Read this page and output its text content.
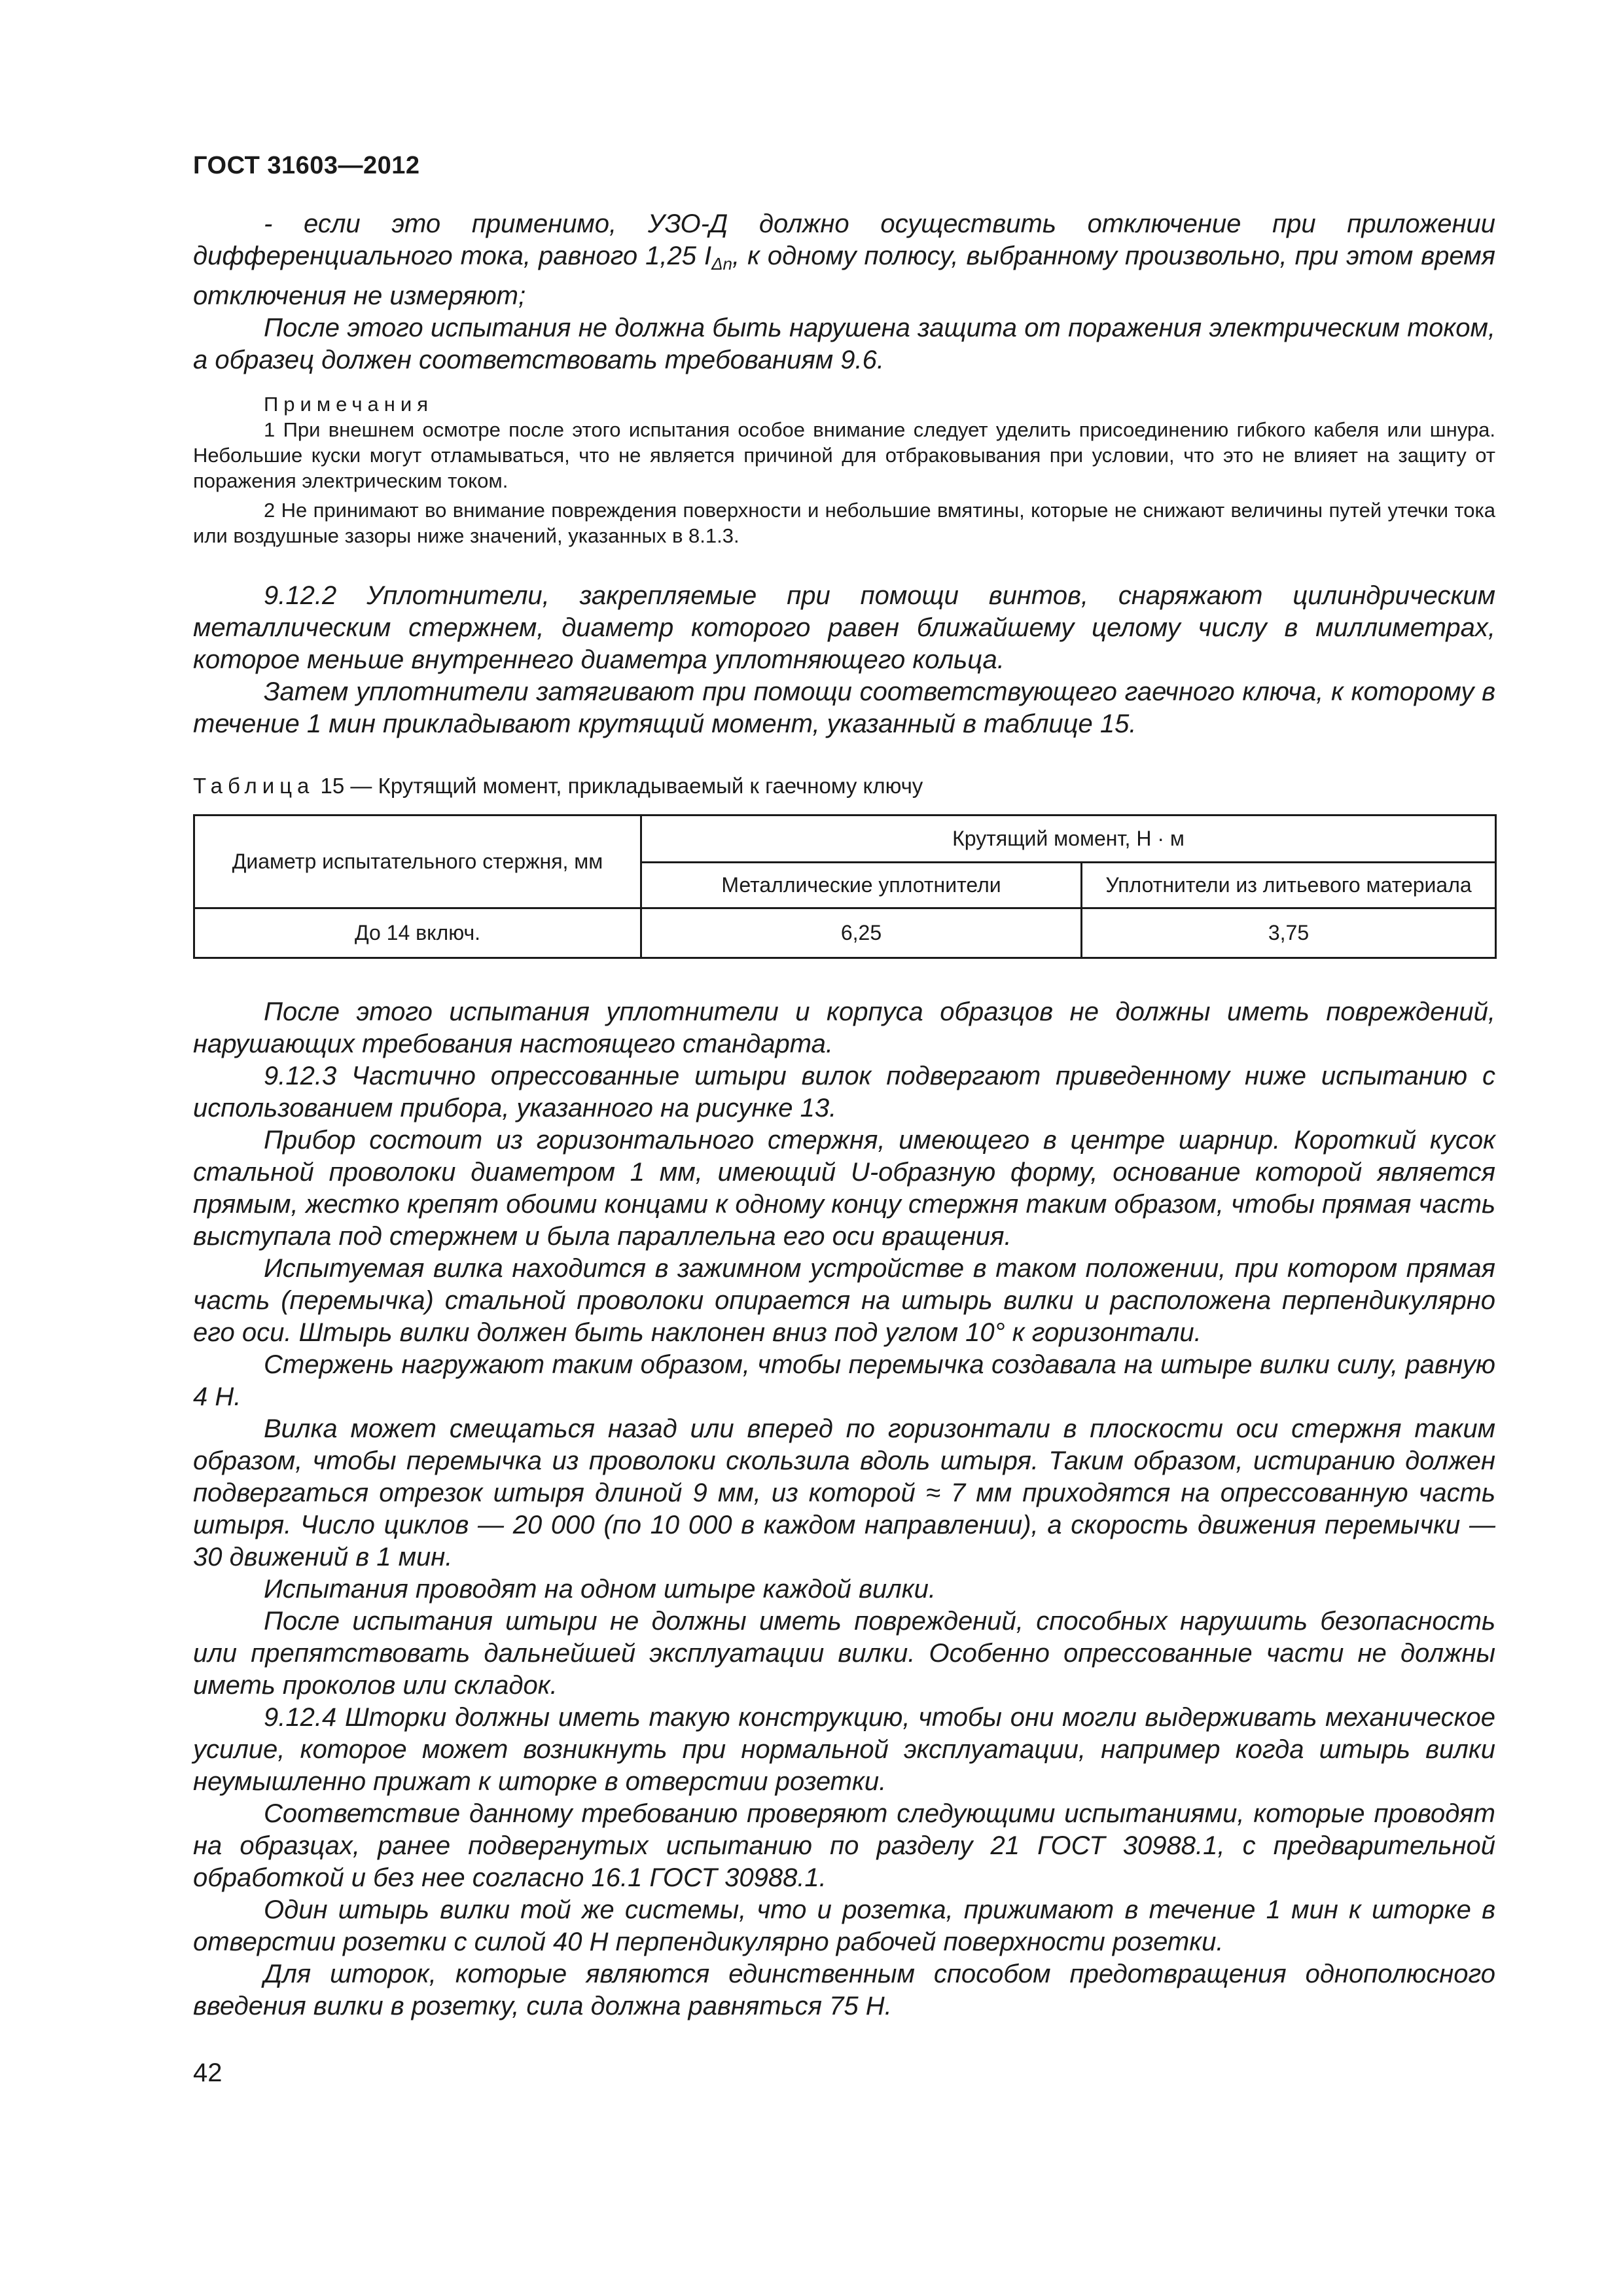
ГОСТ 31603—2012

- если это применимо, УЗО-Д должно осуществить отключение при приложении дифференциального тока, равного 1,25 $I_{\Delta n}$, к одному полюсу, выбранному произвольно, при этом время отключения не измеряют;

После этого испытания не должна быть нарушена защита от поражения электрическим током, а образец должен соответствовать требованиям 9.6.

Примечания

1 При внешнем осмотре после этого испытания особое внимание следует уделить присоединению гибкого кабеля или шнура. Небольшие куски могут отламываться, что не является причиной для отбраковывания при условии, что это не влияет на защиту от поражения электрическим током.

2 Не принимают во внимание повреждения поверхности и небольшие вмятины, которые не снижают величины путей утечки тока или воздушные зазоры ниже значений, указанных в 8.1.3.

9.12.2 Уплотнители, закрепляемые при помощи винтов, снаряжают цилиндрическим металлическим стержнем, диаметр которого равен ближайшему целому числу в миллиметрах, которое меньше внутреннего диаметра уплотняющего кольца.

Затем уплотнители затягивают при помощи соответствующего гаечного ключа, к которому в течение 1 мин прикладывают крутящий момент, указанный в таблице 15.

Таблица 15 — Крутящий момент, прикладываемый к гаечному ключу

Диаметр испытательного стержня, мм	Крутящий момент, Н · м	
	Металлические уплотнители	Уплотнители из литьевого материала
До 14 включ.	6,25	3,75

После этого испытания уплотнители и корпуса образцов не должны иметь повреждений, нарушающих требования настоящего стандарта.

9.12.3 Частично опрессованные штыри вилок подвергают приведенному ниже испытанию с использованием прибора, указанного на рисунке 13.

Прибор состоит из горизонтального стержня, имеющего в центре шарнир. Короткий кусок стальной проволоки диаметром 1 мм, имеющий U-образную форму, основание которой является прямым, жестко крепят обоими концами к одному концу стержня таким образом, чтобы прямая часть выступала под стержнем и была параллельна его оси вращения.

Испытуемая вилка находится в зажимном устройстве в таком положении, при котором прямая часть (перемычка) стальной проволоки опирается на штырь вилки и расположена перпендикулярно его оси. Штырь вилки должен быть наклонен вниз под углом 10° к горизонтали.

Стержень нагружают таким образом, чтобы перемычка создавала на штыре вилки силу, равную 4 Н.

Вилка может смещаться назад или вперед по горизонтали в плоскости оси стержня таким образом, чтобы перемычка из проволоки скользила вдоль штыря. Таким образом, истиранию должен подвергаться отрезок штыря длиной 9 мм, из которой ≈ 7 мм приходятся на опрессованную часть штыря. Число циклов — 20 000 (по 10 000 в каждом направлении), а скорость движения перемычки — 30 движений в 1 мин.

Испытания проводят на одном штыре каждой вилки.

После испытания штыри не должны иметь повреждений, способных нарушить безопасность или препятствовать дальнейшей эксплуатации вилки. Особенно опрессованные части не должны иметь проколов или складок.

9.12.4 Шторки должны иметь такую конструкцию, чтобы они могли выдерживать механическое усилие, которое может возникнуть при нормальной эксплуатации, например когда штырь вилки неумышленно прижат к шторке в отверстии розетки.

Соответствие данному требованию проверяют следующими испытаниями, которые проводят на образцах, ранее подвергнутых испытанию по разделу 21 ГОСТ 30988.1, с предварительной обработкой и без нее согласно 16.1 ГОСТ 30988.1.

Один штырь вилки той же системы, что и розетка, прижимают в течение 1 мин к шторке в отверстии розетки с силой 40 Н перпендикулярно рабочей поверхности розетки.

Для шторок, которые являются единственным способом предотвращения однополюсного введения вилки в розетку, сила должна равняться 75 Н.

42
